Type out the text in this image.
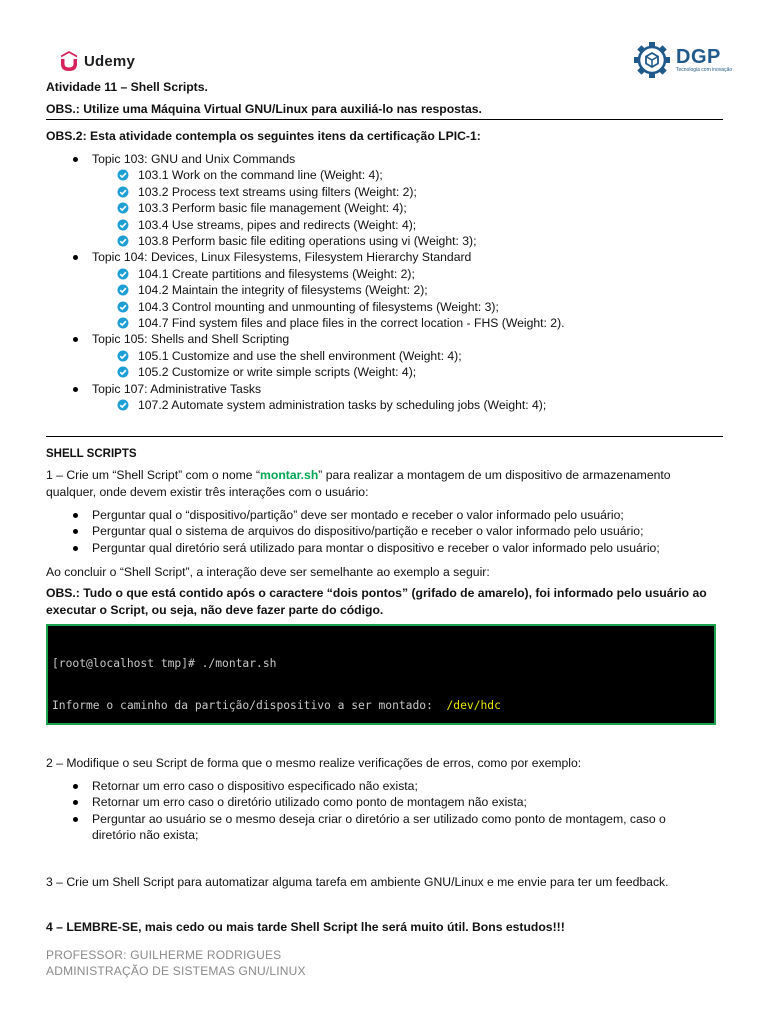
Udemy	DGP
Tecnologia com inovação
Atividade 11 – Shell Scripts.
OBS.: Utilize uma Máquina Virtual GNU/Linux para auxiliá-lo nas respostas.
OBS.2: Esta atividade contempla os seguintes itens da certificação LPIC-1:
Topic 103: GNU and Unix Commands
103.1 Work on the command line (Weight: 4);
103.2 Process text streams using filters (Weight: 2);
103.3 Perform basic file management (Weight: 4);
103.4 Use streams, pipes and redirects (Weight: 4);
103.8 Perform basic file editing operations using vi (Weight: 3);
Topic 104: Devices, Linux Filesystems, Filesystem Hierarchy Standard
104.1 Create partitions and filesystems (Weight: 2);
104.2 Maintain the integrity of filesystems (Weight: 2);
104.3 Control mounting and unmounting of filesystems (Weight: 3);
104.7 Find system files and place files in the correct location - FHS (Weight: 2).
Topic 105: Shells and Shell Scripting
105.1 Customize and use the shell environment (Weight: 4);
105.2 Customize or write simple scripts (Weight: 4);
Topic 107: Administrative Tasks
107.2 Automate system administration tasks by scheduling jobs (Weight: 4);
SHELL SCRIPTS
1 – Crie um “Shell Script” com o nome “montar.sh” para realizar a montagem de um dispositivo de armazenamento
qualquer, onde devem existir três interações com o usuário:
Perguntar qual o “dispositivo/partição” deve ser montado e receber o valor informado pelo usuário;
Perguntar qual o sistema de arquivos do dispositivo/partição e receber o valor informado pelo usuário;
Perguntar qual diretório será utilizado para montar o dispositivo e receber o valor informado pelo usuário;
Ao concluir o “Shell Script”, a interação deve ser semelhante ao exemplo a seguir:
OBS.: Tudo o que está contido após o caractere “dois pontos” (grifado de amarelo), foi informado pelo usuário ao
executar o Script, ou seja, não deve fazer parte do código.

[root@localhost tmp]# ./montar.sh

Informe o caminho da partição/dispositivo a ser montado:  /dev/hdc

2 – Modifique o seu Script de forma que o mesmo realize verificações de erros, como por exemplo:
Retornar um erro caso o dispositivo especificado não exista;
Retornar um erro caso o diretório utilizado como ponto de montagem não exista;
Perguntar ao usuário se o mesmo deseja criar o diretório a ser utilizado como ponto de montagem, caso o
diretório não exista;
3 – Crie um Shell Script para automatizar alguma tarefa em ambiente GNU/Linux e me envie para ter um feedback.
4 – LEMBRE-SE, mais cedo ou mais tarde Shell Script lhe será muito útil. Bons estudos!!!
PROFESSOR: GUILHERME RODRIGUES
ADMINISTRAÇÃO DE SISTEMAS GNU/LINUX
